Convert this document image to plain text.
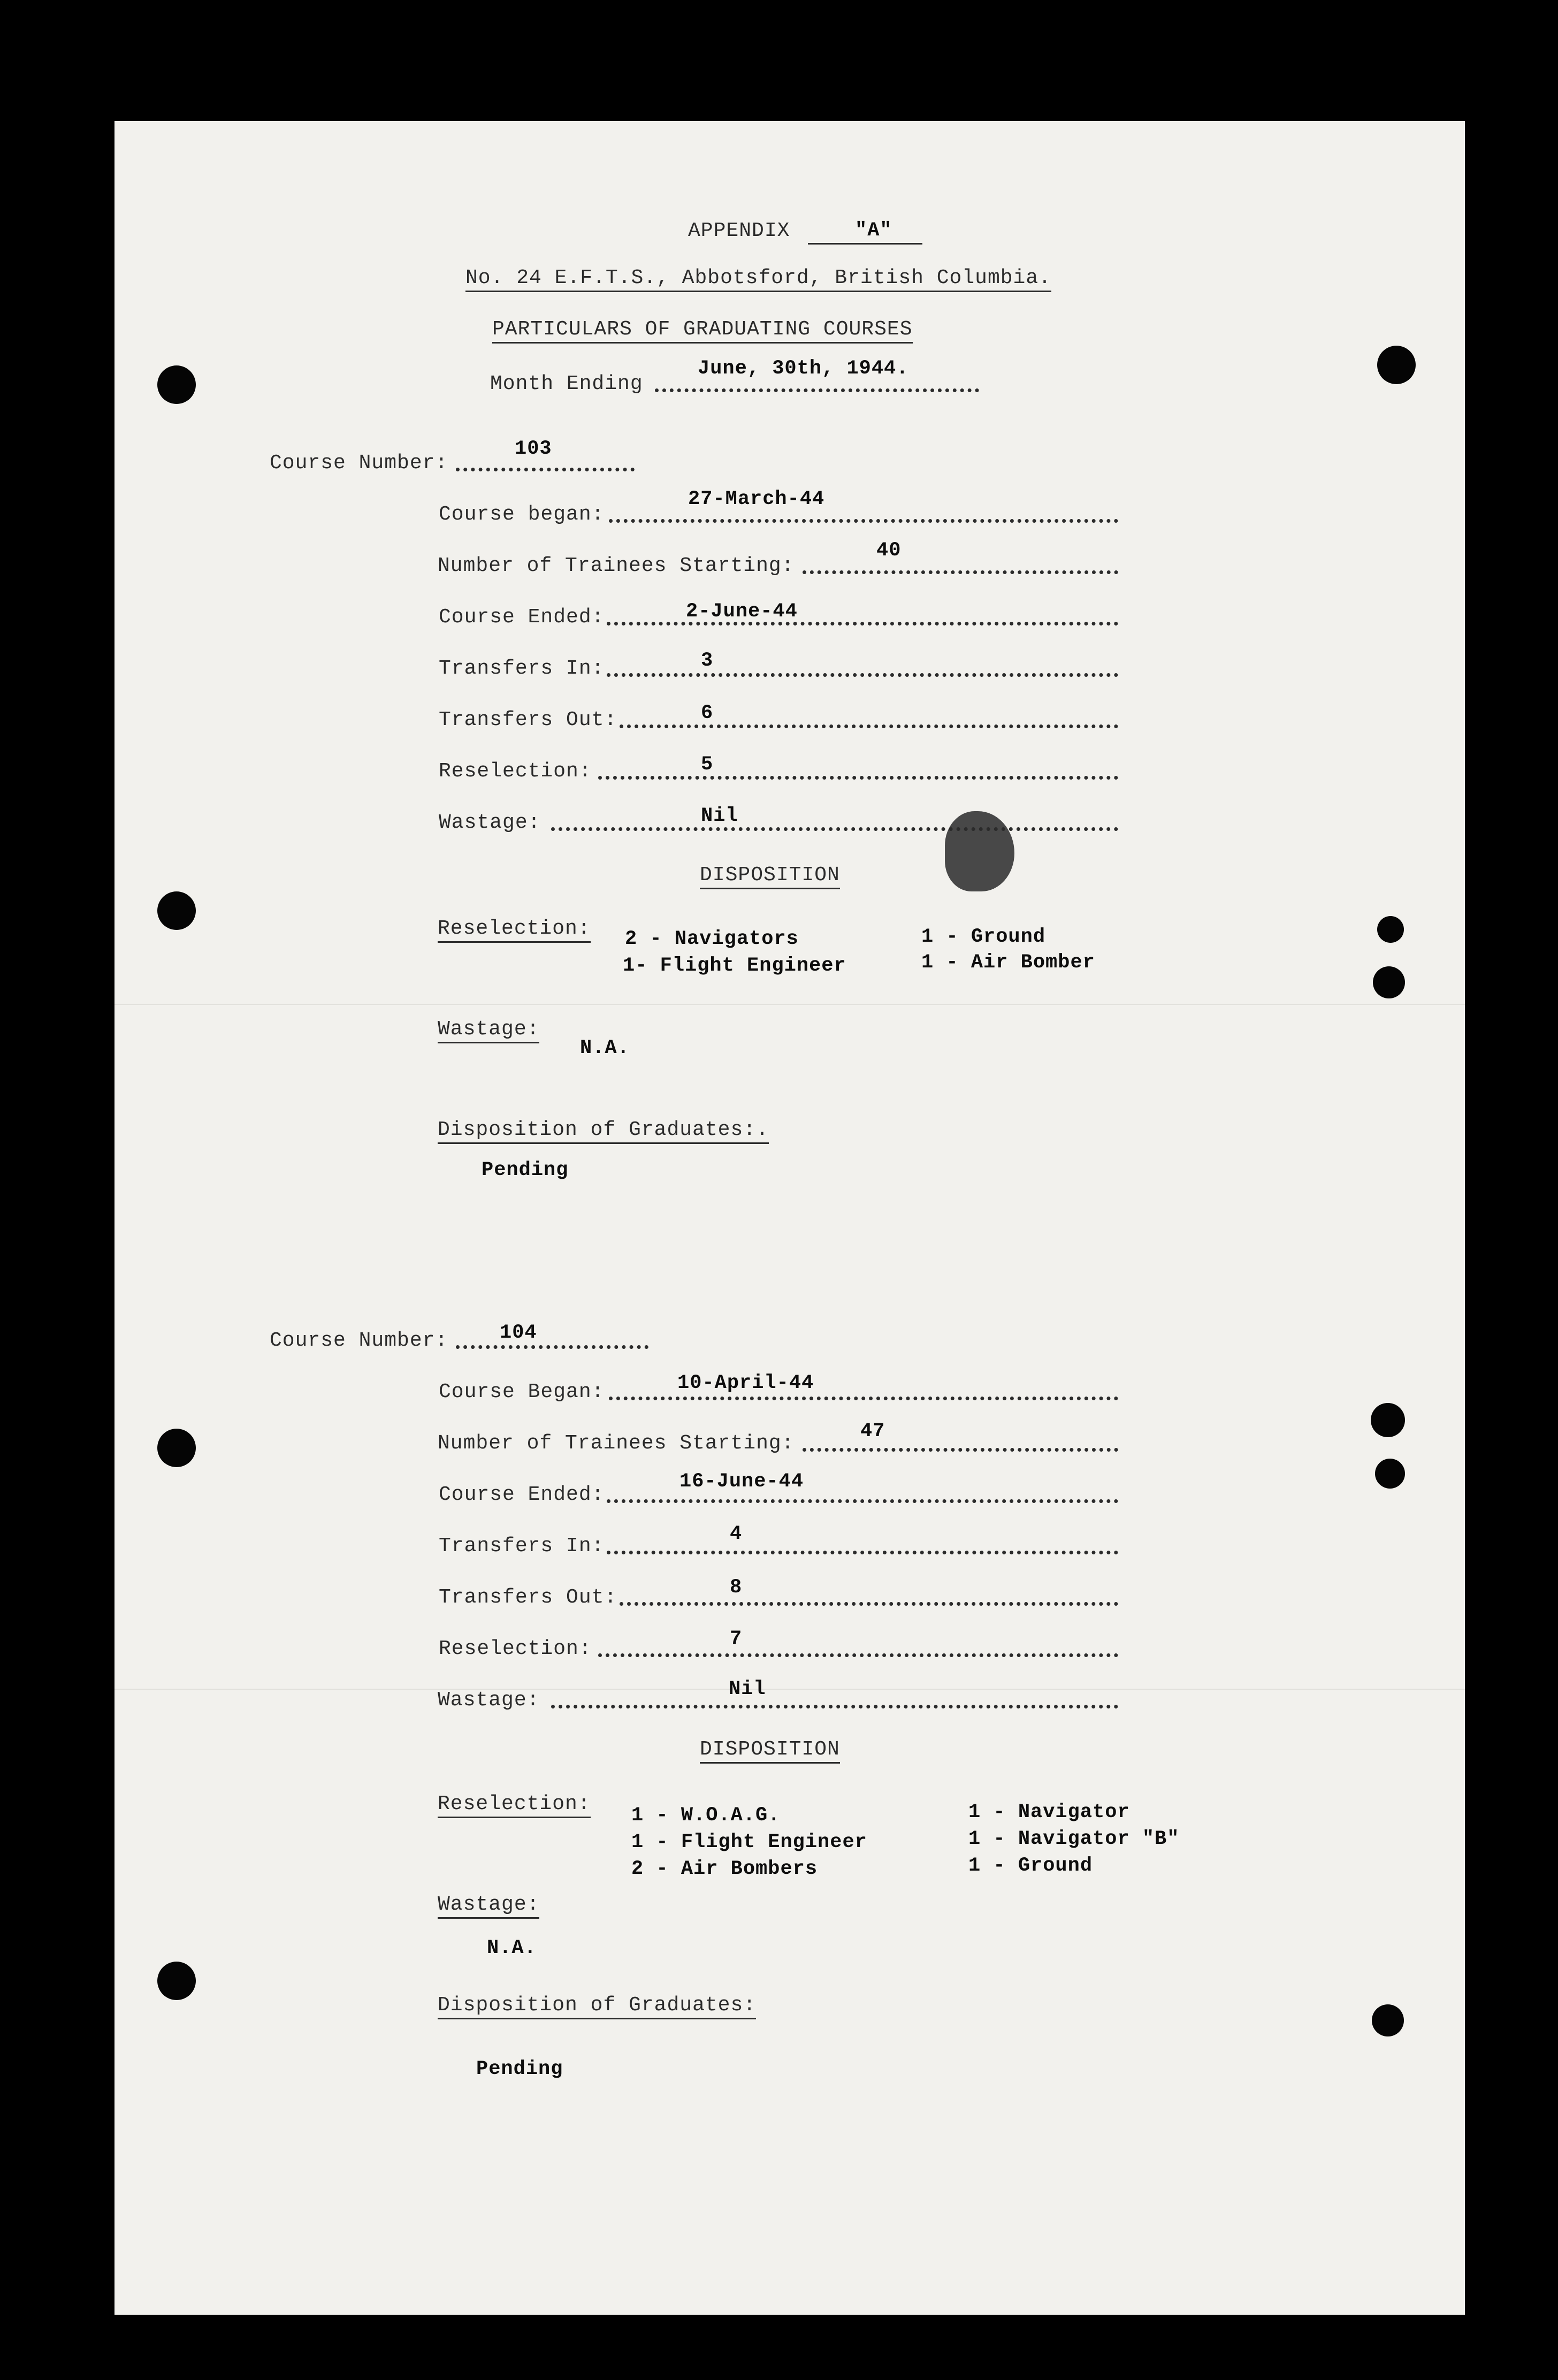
APPENDIX	"A"
No. 24 E.F.T.S., Abbotsford, British Columbia.
PARTICULARS OF GRADUATING COURSES
Month Ending
June, 30th, 1944.
Course Number:
103
Course began:
27-March-44
Number of Trainees Starting:
40
Course Ended:	2-June-44
Transfers In:	3
Transfers Out:	6
Reselection:	5
Wastage:	Nil
DISPOSITION
Reselection: 2 - Navigators
1- Flight Engineer
1 - Ground
1 - Air Bomber
Wastage:
N.A.
Disposition of Graduates:.
Pending
Course Number:	104
Course Began:	10-April-44
Number of Trainees Starting:
47
Course Ended:
16-June-44
Transfers In:
4
Transfers Out:	8
Reselection:	7
Wastage:	Nil
DISPOSITION
Reselection: 1 - W.O.A.G.
1 - Flight Engineer
2 - Air Bombers
1 - Navigator
1 - Navigator "B"
1 - Ground
Wastage:
N.A.
Disposition of Graduates:
Pending
